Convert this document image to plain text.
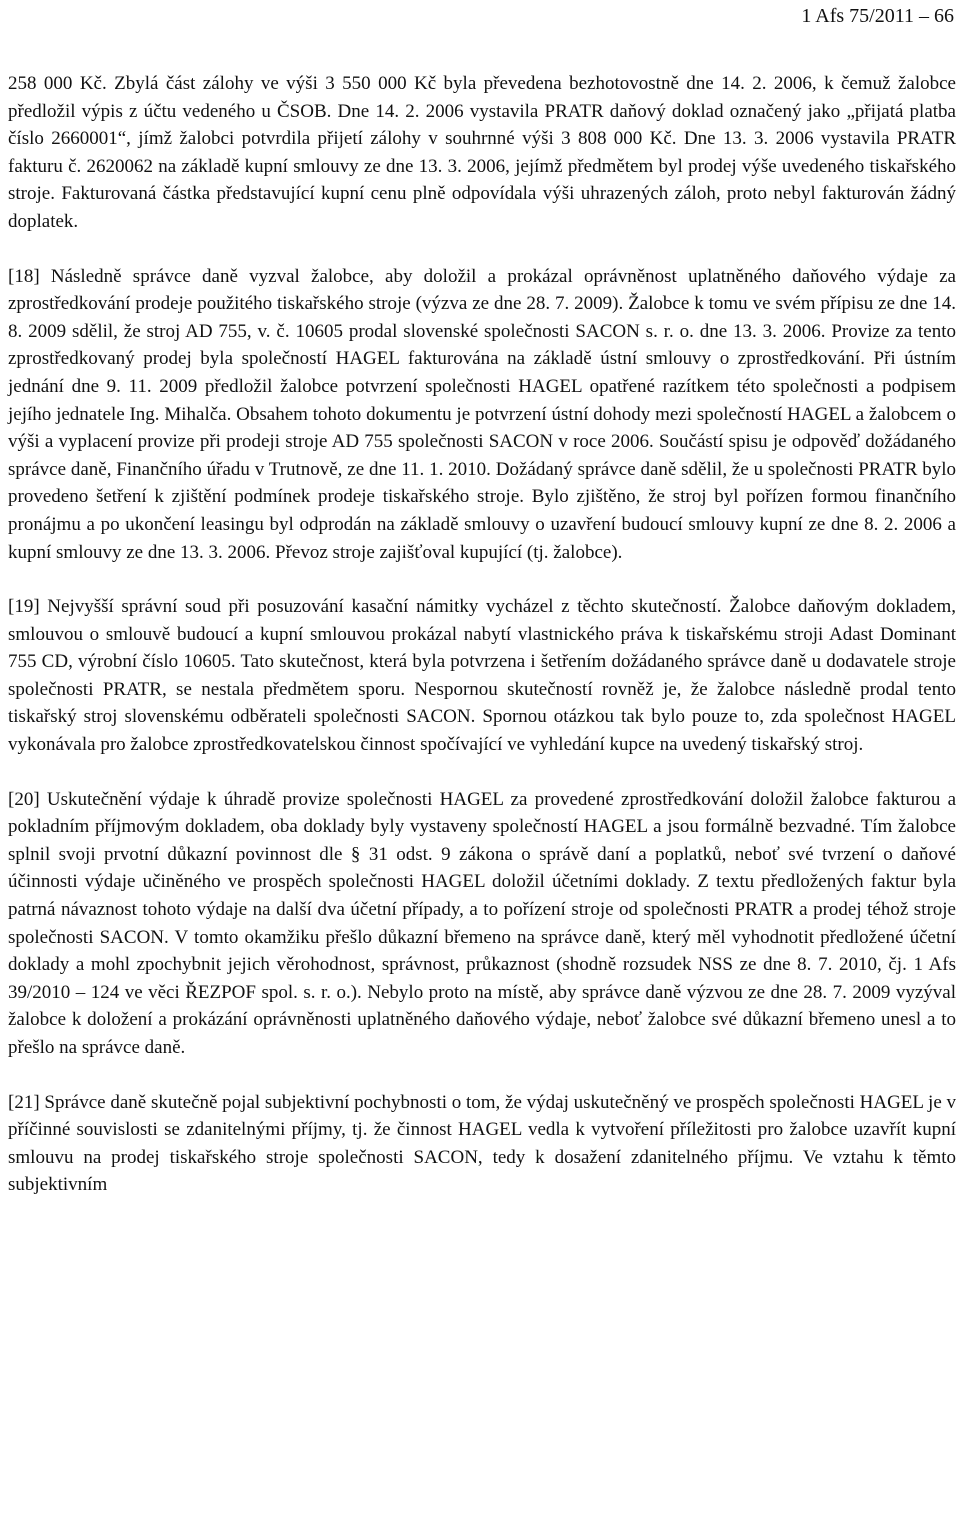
1 Afs 75/2011 – 66

258 000 Kč. Zbylá část zálohy ve výši 3 550 000 Kč byla převedena bezhotovostně dne 14. 2. 2006, k čemuž žalobce předložil výpis z účtu vedeného u ČSOB. Dne 14. 2. 2006 vystavila PRATR daňový doklad označený jako „přijatá platba číslo 2660001“, jímž žalobci potvrdila přijetí zálohy v souhrnné výši 3 808 000 Kč. Dne 13. 3. 2006 vystavila PRATR fakturu č. 2620062 na základě kupní smlouvy ze dne 13. 3. 2006, jejímž předmětem byl prodej výše uvedeného tiskařského stroje. Fakturovaná částka představující kupní cenu plně odpovídala výši uhrazených záloh, proto nebyl fakturován žádný doplatek.

[18] Následně správce daně vyzval žalobce, aby doložil a prokázal oprávněnost uplatněného daňového výdaje za zprostředkování prodeje použitého tiskařského stroje (výzva ze dne 28. 7. 2009). Žalobce k tomu ve svém přípisu ze dne 14. 8. 2009 sdělil, že stroj AD 755, v. č. 10605 prodal slovenské společnosti SACON s. r. o. dne 13. 3. 2006. Provize za tento zprostředkovaný prodej byla společností HAGEL fakturována na základě ústní smlouvy o zprostředkování. Při ústním jednání dne 9. 11. 2009 předložil žalobce potvrzení společnosti HAGEL opatřené razítkem této společnosti a podpisem jejího jednatele Ing. Mihalča. Obsahem tohoto dokumentu je potvrzení ústní dohody mezi společností HAGEL a žalobcem o výši a vyplacení provize při prodeji stroje AD 755 společnosti SACON v roce 2006. Součástí spisu je odpověď dožádaného správce daně, Finančního úřadu v Trutnově, ze dne 11. 1. 2010. Dožádaný správce daně sdělil, že u společnosti PRATR bylo provedeno šetření k zjištění podmínek prodeje tiskařského stroje. Bylo zjištěno, že stroj byl pořízen formou finančního pronájmu a po ukončení leasingu byl odprodán na základě smlouvy o uzavření budoucí smlouvy kupní ze dne 8. 2. 2006 a kupní smlouvy ze dne 13. 3. 2006. Převoz stroje zajišťoval kupující (tj. žalobce).

[19] Nejvyšší správní soud při posuzování kasační námitky vycházel z těchto skutečností. Žalobce daňovým dokladem, smlouvou o smlouvě budoucí a kupní smlouvou prokázal nabytí vlastnického práva k tiskařskému stroji Adast Dominant 755 CD, výrobní číslo 10605. Tato skutečnost, která byla potvrzena i šetřením dožádaného správce daně u dodavatele stroje společnosti PRATR, se nestala předmětem sporu. Nespornou skutečností rovněž je, že žalobce následně prodal tento tiskařský stroj slovenskému odběrateli společnosti SACON. Spornou otázkou tak bylo pouze to, zda společnost HAGEL vykonávala pro žalobce zprostředkovatelskou činnost spočívající ve vyhledání kupce na uvedený tiskařský stroj.

[20] Uskutečnění výdaje k úhradě provize společnosti HAGEL za provedené zprostředkování doložil žalobce fakturou a pokladním příjmovým dokladem, oba doklady byly vystaveny společností HAGEL a jsou formálně bezvadné. Tím žalobce splnil svoji prvotní důkazní povinnost dle § 31 odst. 9 zákona o správě daní a poplatků, neboť své tvrzení o daňové účinnosti výdaje učiněného ve prospěch společnosti HAGEL doložil účetními doklady. Z textu předložených faktur byla patrná návaznost tohoto výdaje na další dva účetní případy, a to pořízení stroje od společnosti PRATR a prodej téhož stroje společnosti SACON. V tomto okamžiku přešlo důkazní břemeno na správce daně, který měl vyhodnotit předložené účetní doklady a mohl zpochybnit jejich věrohodnost, správnost, průkaznost (shodně rozsudek NSS ze dne 8. 7. 2010, čj. 1 Afs 39/2010 – 124 ve věci ŘEZPOF spol. s. r. o.). Nebylo proto na místě, aby správce daně výzvou ze dne 28. 7. 2009 vyzýval žalobce k doložení a prokázání oprávněnosti uplatněného daňového výdaje, neboť žalobce své důkazní břemeno unesl a to přešlo na správce daně.

[21] Správce daně skutečně pojal subjektivní pochybnosti o tom, že výdaj uskutečněný ve prospěch společnosti HAGEL je v příčinné souvislosti se zdanitelnými příjmy, tj. že činnost HAGEL vedla k vytvoření příležitosti pro žalobce uzavřít kupní smlouvu na prodej tiskařského stroje společnosti SACON, tedy k dosažení zdanitelného příjmu. Ve vztahu k těmto subjektivním
